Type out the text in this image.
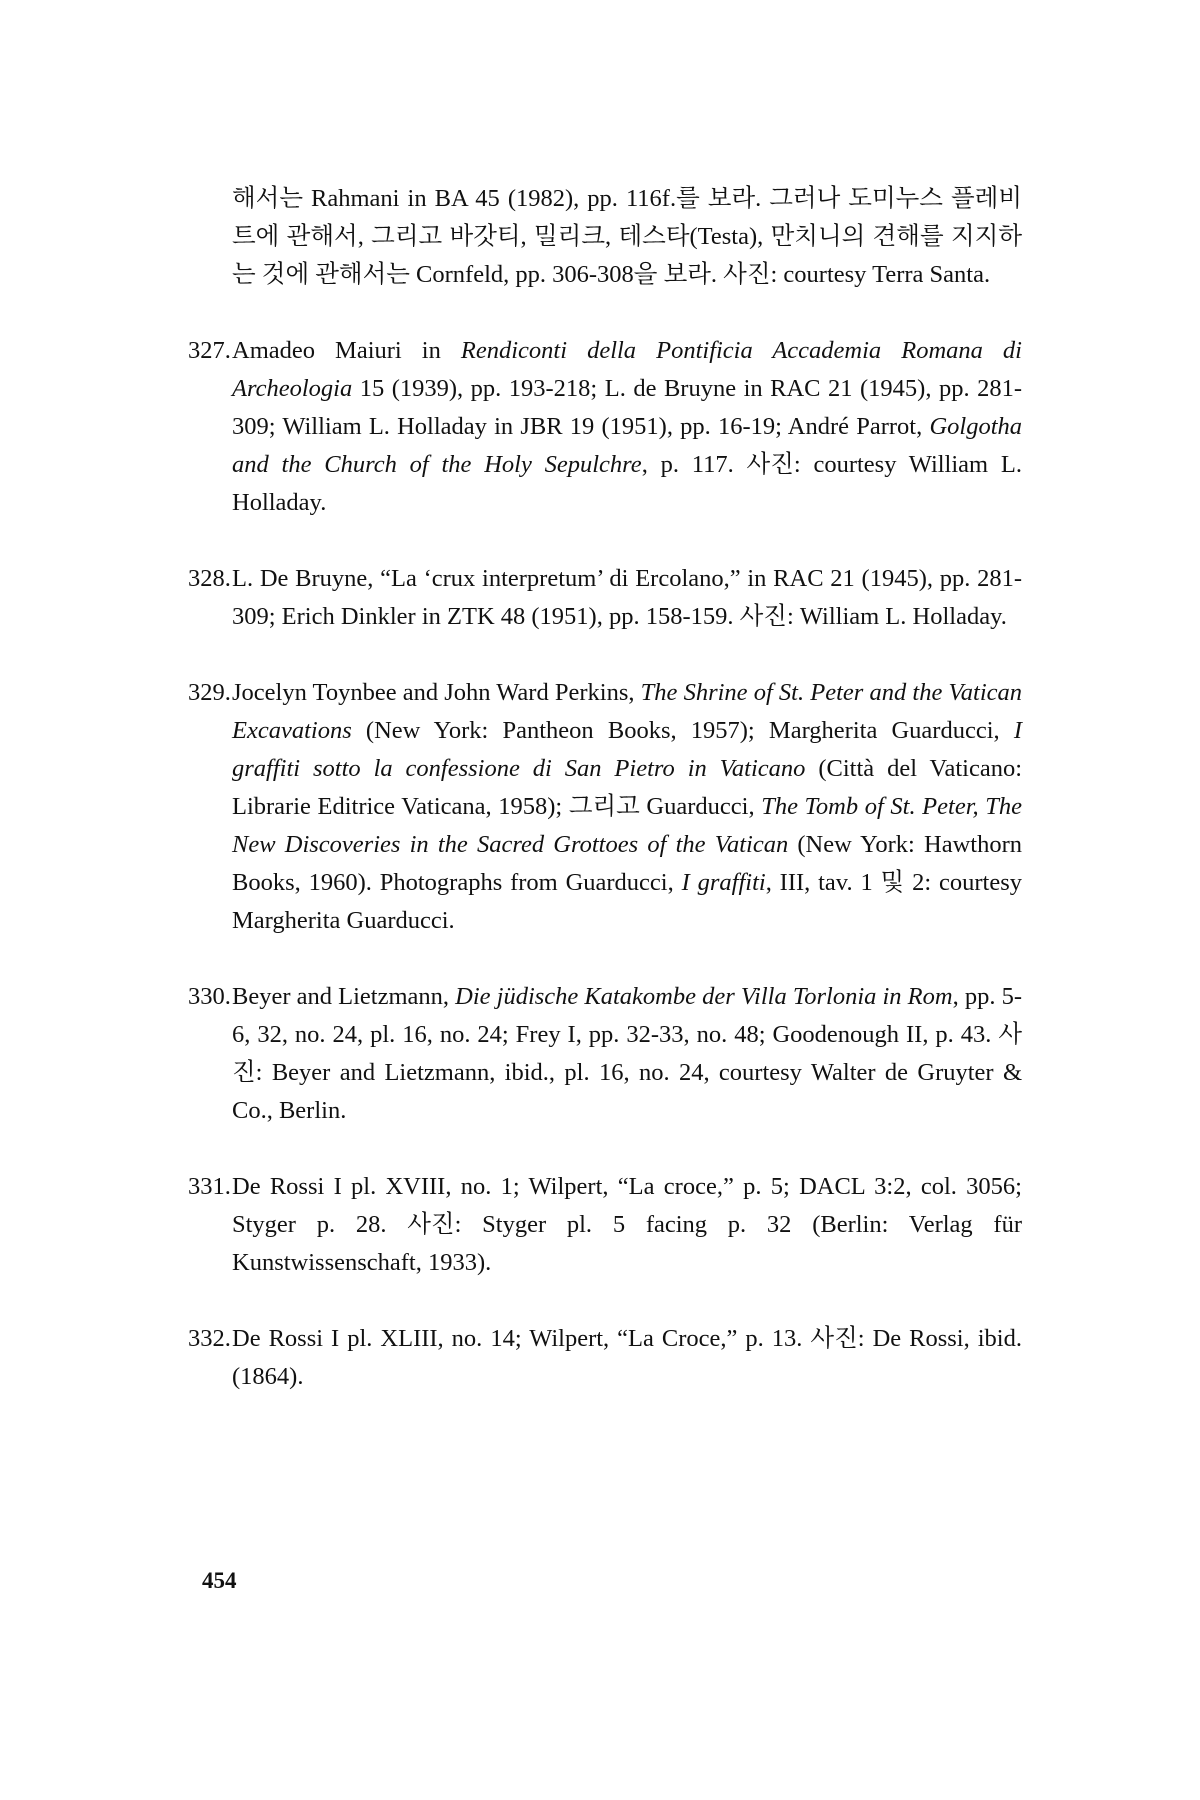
해서는 Rahmani in BA 45 (1982), pp. 116f.를 보라. 그러나 도미누스 플레비트에 관해서, 그리고 바갓티, 밀리크, 테스타(Testa), 만치니의 견해를 지지하는 것에 관해서는 Cornfeld, pp. 306-308을 보라. 사진: courtesy Terra Santa.

327. Amadeo Maiuri in Rendiconti della Pontificia Accademia Romana di Archeologia 15 (1939), pp. 193-218; L. de Bruyne in RAC 21 (1945), pp. 281-309; William L. Holladay in JBR 19 (1951), pp. 16-19; André Parrot, Golgotha and the Church of the Holy Sepulchre, p. 117. 사진: courtesy William L. Holladay.

328. L. De Bruyne, “La ‘crux interpretum’ di Ercolano,” in RAC 21 (1945), pp. 281-309; Erich Dinkler in ZTK 48 (1951), pp. 158-159. 사진: William L. Holladay.

329. Jocelyn Toynbee and John Ward Perkins, The Shrine of St. Peter and the Vatican Excavations (New York: Pantheon Books, 1957); Margherita Guarducci, I graffiti sotto la confessione di San Pietro in Vaticano (Città del Vaticano: Librarie Editrice Vaticana, 1958); 그리고 Guarducci, The Tomb of St. Peter, The New Discoveries in the Sacred Grottoes of the Vatican (New York: Hawthorn Books, 1960). Photographs from Guarducci, I graffiti, III, tav. 1 및 2: courtesy Margherita Guarducci.

330. Beyer and Lietzmann, Die jüdische Katakombe der Villa Torlonia in Rom, pp. 5-6, 32, no. 24, pl. 16, no. 24; Frey I, pp. 32-33, no. 48; Goodenough II, p. 43. 사진: Beyer and Lietzmann, ibid., pl. 16, no. 24, courtesy Walter de Gruyter & Co., Berlin.

331. De Rossi I pl. XVIII, no. 1; Wilpert, “La croce,” p. 5; DACL 3:2, col. 3056; Styger p. 28. 사진: Styger pl. 5 facing p. 32 (Berlin: Verlag für Kunstwissenschaft, 1933).

332. De Rossi I pl. XLIII, no. 14; Wilpert, “La Croce,” p. 13. 사진: De Rossi, ibid. (1864).

454
